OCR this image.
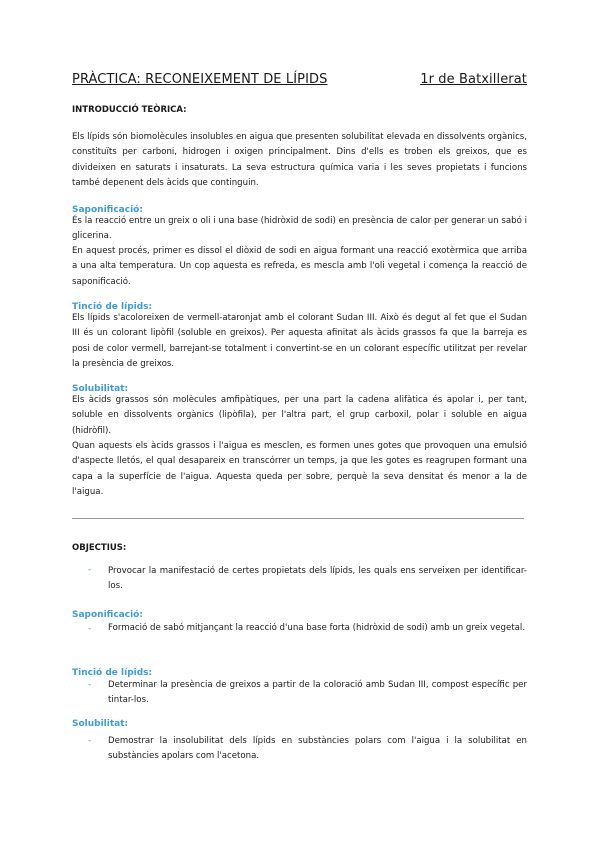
PRÀCTICA: RECONEIXEMENT DE LÍPIDS	1r de Batxillerat
INTRODUCCIÓ TEÒRICA:

Els lípids són biomolècules insolubles en aigua que presenten solubilitat elevada en dissolvents orgànics, constituïts per carboni, hidrogen i oxigen principalment. Dins d'ells es troben els greixos, que es divideixen en saturats i insaturats. La seva estructura química varia i les seves propietats i funcions també depenent dels àcids que continguin.

Saponificació:

És la reacció entre un greix o oli i una base (hidròxid de sodi) en presència de calor per generar un sabó i glicerina.

En aquest procés, primer es dissol el diòxid de sodi en aigua formant una reacció exotèrmica que arriba a una alta temperatura. Un cop aquesta es refreda, es mescla amb l'oli vegetal i comença la reacció de saponificació.

Tinció de lípids:

Els lípids s'acoloreixen de vermell-ataronjat amb el colorant Sudan III. Això és degut al fet que el Sudan III és un colorant lipòfil (soluble en greixos). Per aquesta afinitat als àcids grassos fa que la barreja es posi de color vermell, barrejant-se totalment i convertint-se en un colorant específic utilitzat per revelar la presència de greixos.

Solubilitat:

Els àcids grassos són molècules amfipàtiques, per una part la cadena alifàtica és apolar i, per tant, soluble en dissolvents orgànics (lipòfila), per l'altra part, el grup carboxil, polar i soluble en aigua (hidròfil).

Quan aquests els àcids grassos i l'aigua es mesclen, es formen unes gotes que provoquen una emulsió d'aspecte lletós, el qual desapareix en transcórrer un temps, ja que les gotes es reagrupen formant una capa a la superfície de l'aigua. Aquesta queda per sobre, perquè la seva densitat és menor a la de l'aigua.

OBJECTIUS:
- Provocar la manifestació de certes propietats dels lípids, les quals ens serveixen per identificar-los.

Saponificació:
- Formació de sabó mitjançant la reacció d'una base forta (hidròxid de sodi) amb un greix vegetal.

Tinció de lípids:
- Determinar la presència de greixos a partir de la coloració amb Sudan III, compost específic per tintar-los.

Solubilitat:
- Demostrar la insolubilitat dels lípids en substàncies polars com l'aigua i la solubilitat en substàncies apolars com l'acetona.
